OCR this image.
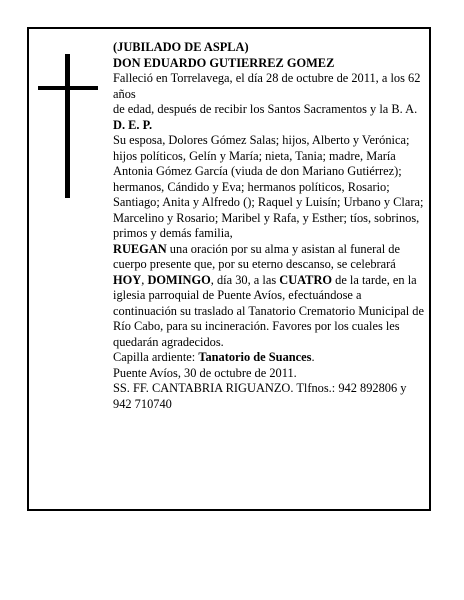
(JUBILADO DE ASPLA)

DON EDUARDO GUTIERREZ GOMEZ

Falleció en Torrelavega, el día 28 de octubre de 2011, a los 62 años

de edad, después de recibir los Santos Sacramentos y la B. A.

D. E. P.

Su esposa, Dolores Gómez Salas; hijos, Alberto y Verónica; hijos políticos, Gelín y María; nieta, Tania; madre, María Antonia Gómez García (viuda de don Mariano Gutiérrez); hermanos, Cándido y Eva; hermanos políticos, Rosario; Santiago; Anita y Alfredo (); Raquel y Luisín; Urbano y Clara; Marcelino y Rosario; Maribel y Rafa, y Esther; tíos, sobrinos, primos y demás familia,

RUEGAN una oración por su alma y asistan al funeral de cuerpo presente que, por su eterno descanso, se celebrará HOY, DOMINGO, día 30, a las CUATRO de la tarde, en la iglesia parroquial de Puente Avíos, efectuándose a continuación su traslado al Tanatorio Crematorio Municipal de Río Cabo, para su incineración. Favores por los cuales les quedarán agradecidos.

Capilla ardiente: Tanatorio de Suances.

Puente Avíos, 30 de octubre de 2011.

SS. FF. CANTABRIA RIGUANZO. Tlfnos.: 942 892806 y 942 710740
